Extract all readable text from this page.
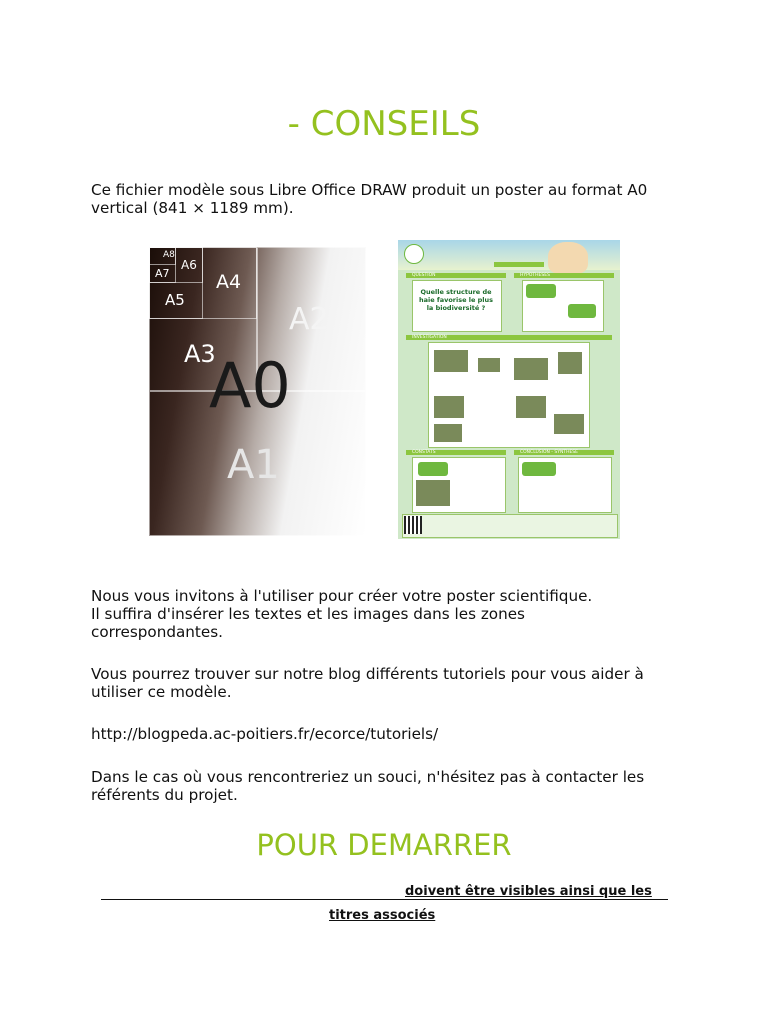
- CONSEILS

Ce fichier modèle sous Libre Office DRAW produit un poster au format A0
vertical (841 × 1189 mm).

A8
A7
A6
A5
A4
A3
A2
A0
A1
QUESTION	HYPOTHESES
Quelle structure de haie favorise le plus la biodiversité ?
INVESTIGATION
CONSTATS	CONCLUSION - SYNTHESE

Nous vous invitons à l'utiliser pour créer votre poster scientifique.
Il suffira d'insérer les textes et les images dans les zones
correspondantes.

Vous pourrez trouver sur notre blog différents tutoriels pour vous aider à
utiliser ce modèle.

http://blogpeda.ac-poitiers.fr/ecorce/tutoriels/

Dans le cas où vous rencontreriez un souci, n'hésitez pas à contacter les
référents du projet.

POUR DEMARRER
doivent être visibles ainsi que les
titres associés
